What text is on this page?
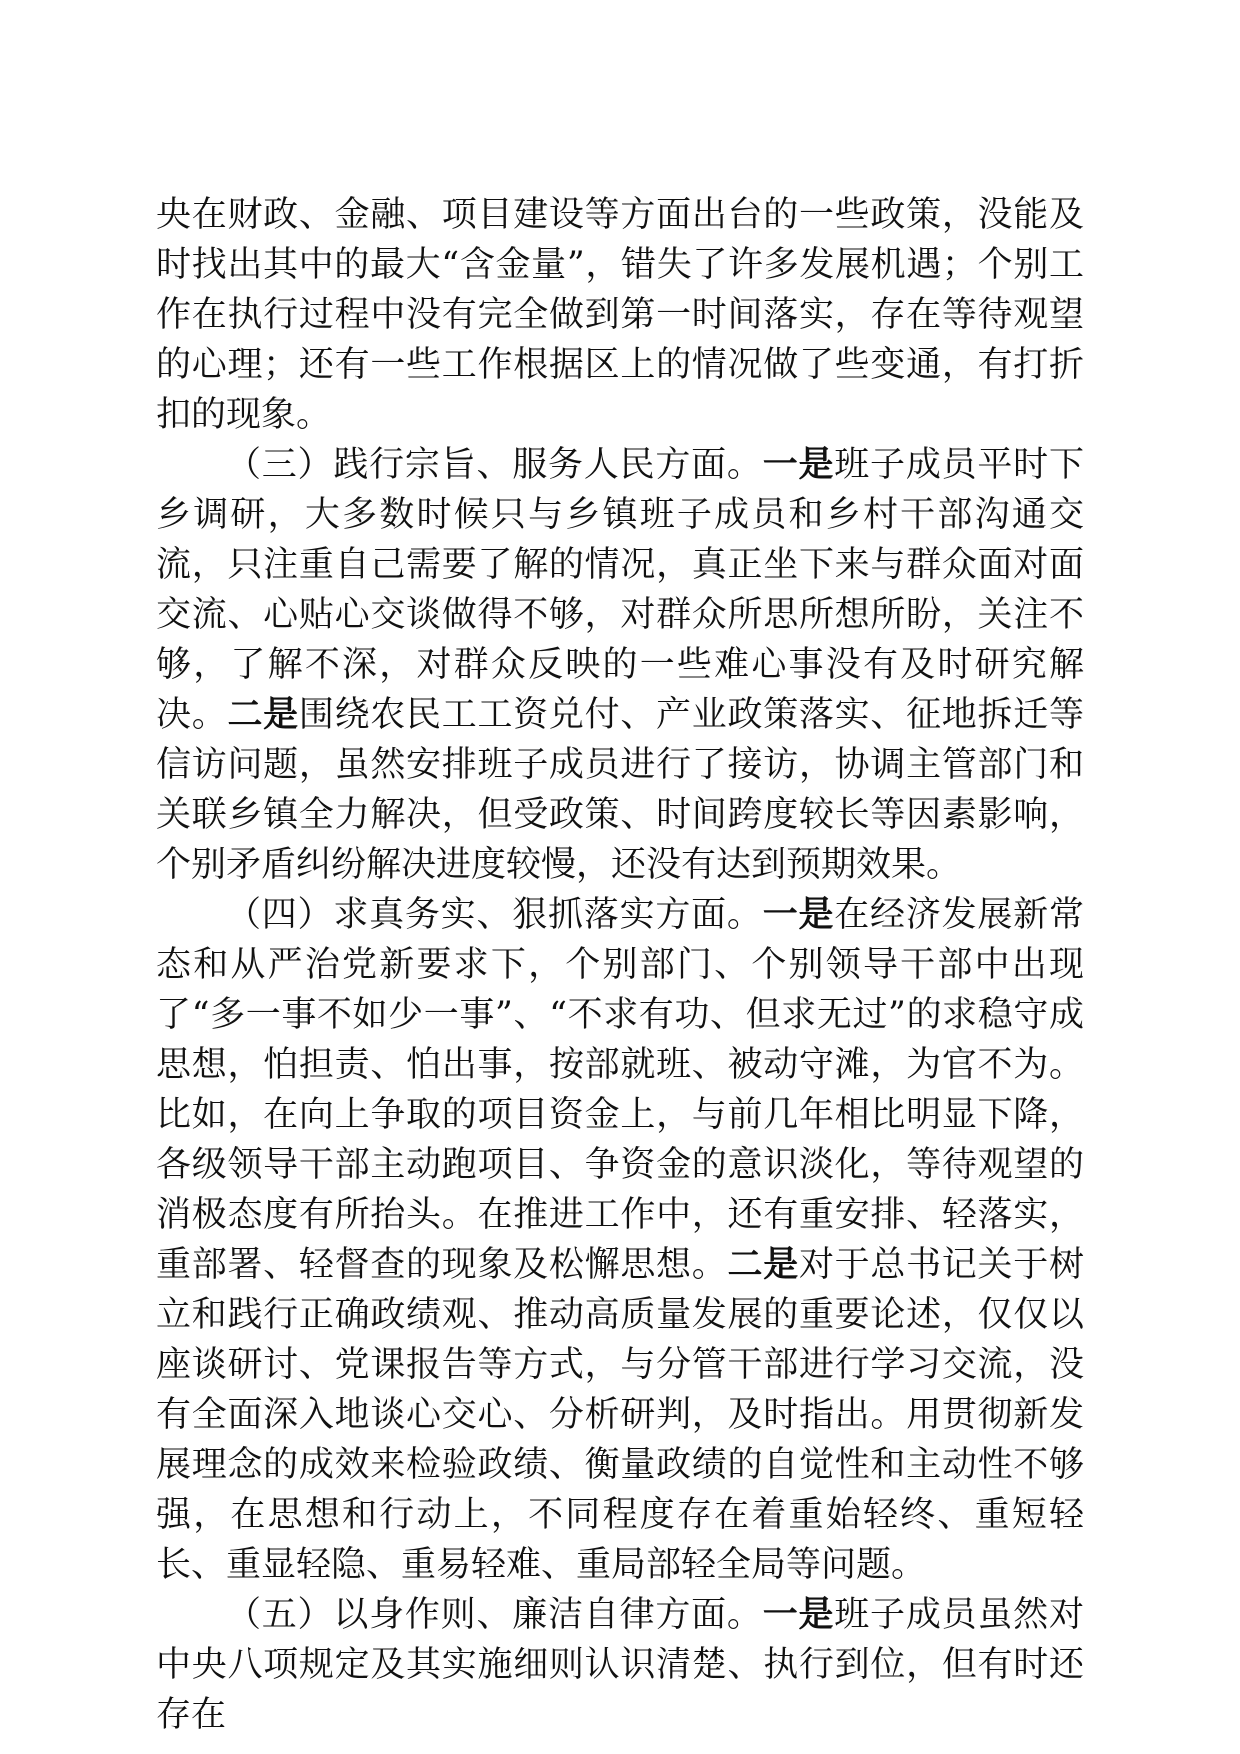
央在财政、金融、项目建设等方面出台的一些政策，没能及时找出其中的最大“含金量”，错失了许多发展机遇；个别工作在执行过程中没有完全做到第一时间落实，存在等待观望的心理；还有一些工作根据区上的情况做了些变通，有打折扣的现象。

（三）践行宗旨、服务人民方面。一是班子成员平时下乡调研，大多数时候只与乡镇班子成员和乡村干部沟通交流，只注重自己需要了解的情况，真正坐下来与群众面对面交流、心贴心交谈做得不够，对群众所思所想所盼，关注不够，了解不深，对群众反映的一些难心事没有及时研究解决。二是围绕农民工工资兑付、产业政策落实、征地拆迁等信访问题，虽然安排班子成员进行了接访，协调主管部门和关联乡镇全力解决，但受政策、时间跨度较长等因素影响，个别矛盾纠纷解决进度较慢，还没有达到预期效果。

（四）求真务实、狠抓落实方面。一是在经济发展新常态和从严治党新要求下，个别部门、个别领导干部中出现了“多一事不如少一事”、“不求有功、但求无过”的求稳守成思想，怕担责、怕出事，按部就班、被动守滩，为官不为。比如，在向上争取的项目资金上，与前几年相比明显下降，各级领导干部主动跑项目、争资金的意识淡化，等待观望的消极态度有所抬头。在推进工作中，还有重安排、轻落实，重部署、轻督查的现象及松懈思想。二是对于总书记关于树立和践行正确政绩观、推动高质量发展的重要论述，仅仅以座谈研讨、党课报告等方式，与分管干部进行学习交流，没有全面深入地谈心交心、分析研判，及时指出。用贯彻新发展理念的成效来检验政绩、衡量政绩的自觉性和主动性不够强，在思想和行动上，不同程度存在着重始轻终、重短轻长、重显轻隐、重易轻难、重局部轻全局等问题。

（五）以身作则、廉洁自律方面。一是班子成员虽然对中央八项规定及其实施细则认识清楚、执行到位，但有时还存在
